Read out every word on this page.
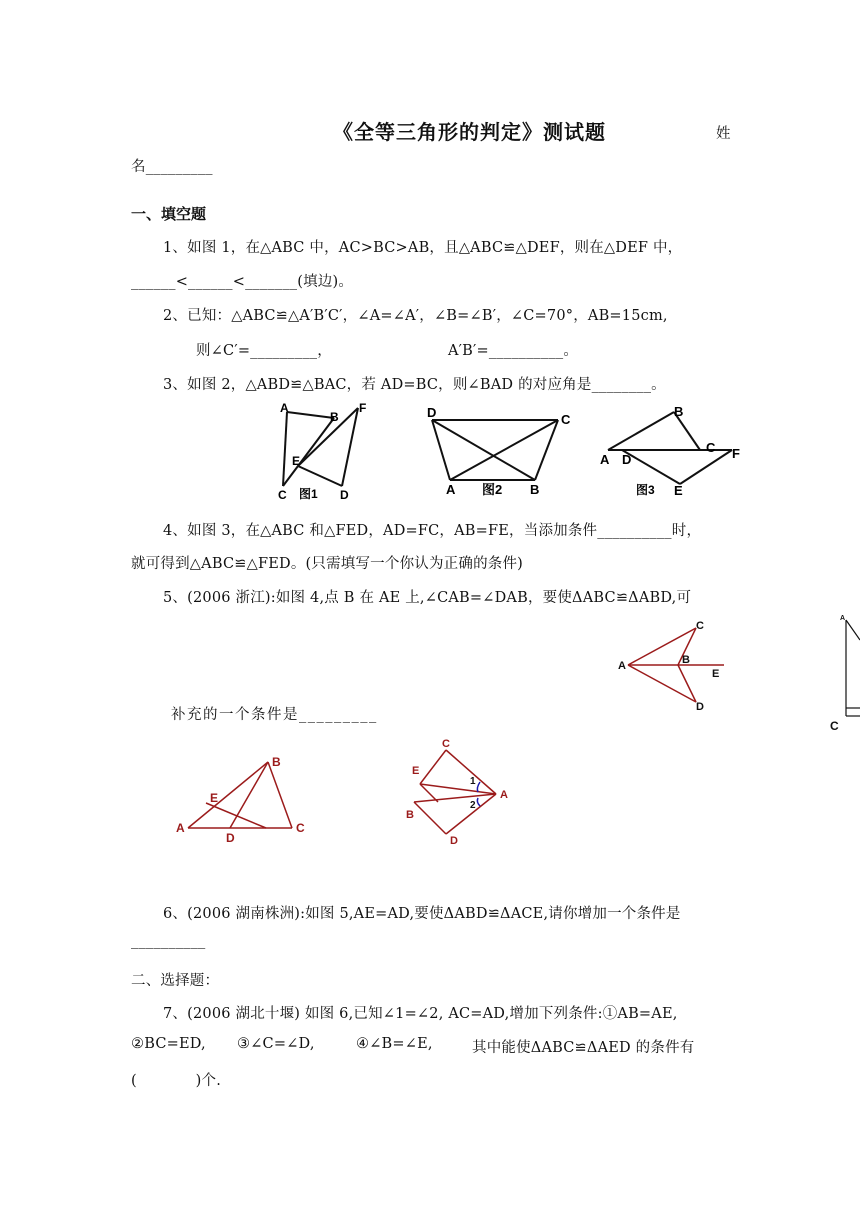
《全等三角形的判定》测试题	姓
名_________
一、填空题
1、如图 1，在△ABC 中，AC>BC>AB，且△ABC≌△DEF，则在△DEF 中，
______<______<_______(填边)。
2、已知：△ABC≌△A′B′C′，∠A=∠A′，∠B=∠B′，∠C=70°，AB=15cm,
则∠C′=_________，	A′B′=__________。
3、如图 2，△ABD≌△BAC，若 AD=BC，则∠BAD 的对应角是________。
A
B
F
E
C 图1 D
D	C
A 图2 B
B
C
A D	F
图3 E
4、如图 3，在△ABC 和△FED，AD=FC，AB=FE，当添加条件__________时，
就可得到△ABC≌△FED。(只需填写一个你认为正确的条件)
5、(2006 浙江):如图 4,点 B 在 AE 上,∠CAB=∠DAB，要使ΔABC≌ΔABD,可
C
A	B
E
D
A
C
补充的一个条件是_________
A
B
E
C
D
C
E
1
A
2
B
D
6、(2006 湖南株洲):如图 5,AE=AD,要使ΔABD≌ΔACE,请你增加一个条件是
__________
二、选择题：
7、(2006 湖北十堰) 如图 6,已知∠1=∠2, AC=AD,增加下列条件:①AB=AE,
②BC=ED, ③∠C=∠D,	④∠B=∠E,	其中能使ΔABC≌ΔAED 的条件有
(　　　　)个.
